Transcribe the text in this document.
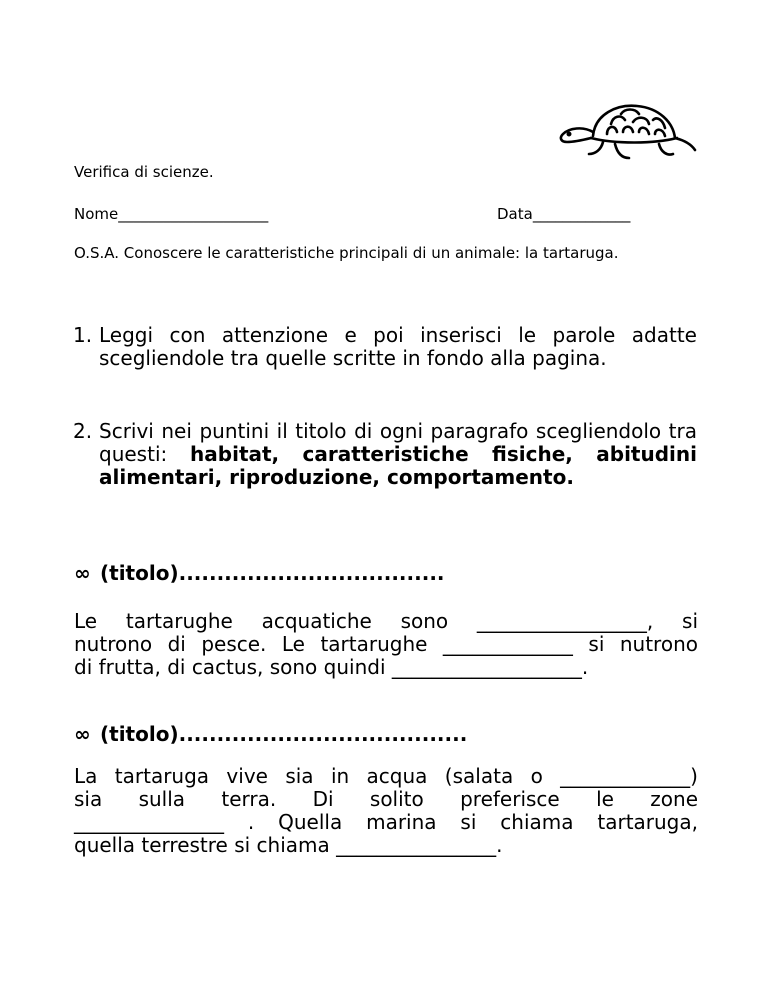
Verifica di scienze.
Nome____________________	Data_____________
O.S.A. Conoscere le caratteristiche principali di un animale: la tartaruga.
1. Leggi con attenzione e poi inserisci le parole adatte scegliendole tra quelle scritte in fondo alla pagina.
2. Scrivi nei puntini il titolo di ogni paragrafo scegliendolo tra questi: habitat, caratteristiche fisiche, abitudini alimentari, riproduzione, comportamento.
∞ (titolo)...................................
Le tartarughe acquatiche sono _________________, si
nutrono di pesce. Le tartarughe _____________ si nutrono
di frutta, di cactus, sono quindi ___________________.
∞ (titolo)......................................
La tartaruga vive sia in acqua (salata o _____________)
sia sulla terra. Di solito preferisce le zone
_______________ . Quella marina si chiama tartaruga,
quella terrestre si chiama ________________.
